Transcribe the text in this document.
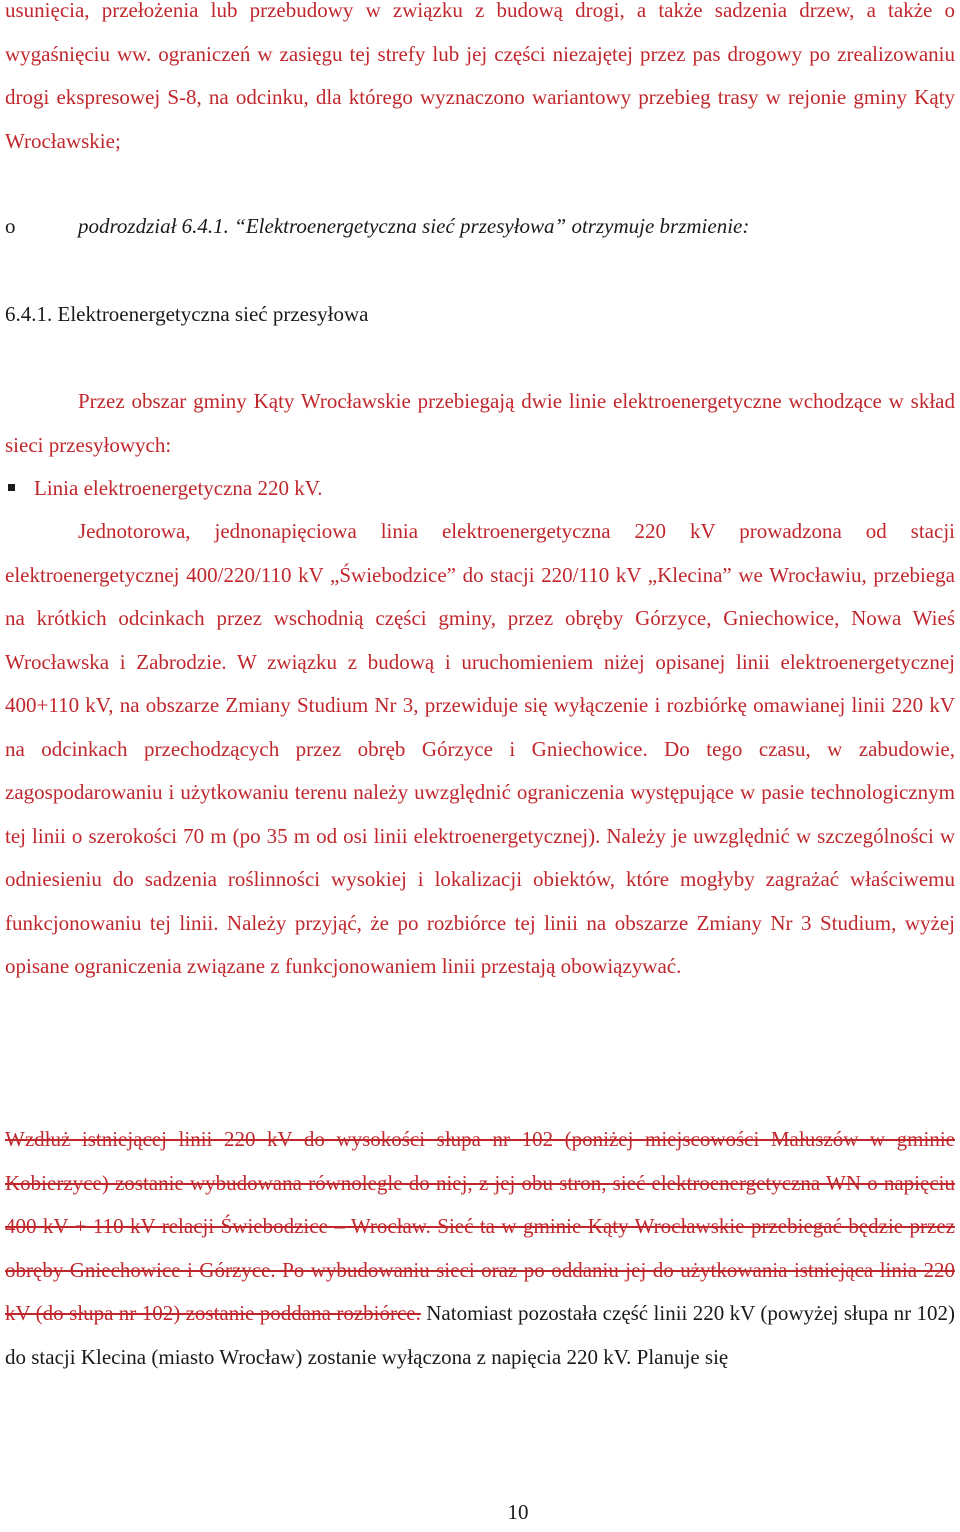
usunięcia, przełożenia lub przebudowy w związku z budową drogi, a także sadzenia drzew, a także o wygaśnięciu ww. ograniczeń w zasięgu tej strefy lub jej części niezajętej przez pas drogowy po zrealizowaniu drogi ekspresowej S-8, na odcinku, dla którego wyznaczono wariantowy przebieg trasy w rejonie gminy Kąty Wrocławskie;

o	podrozdział 6.4.1. “Elektroenergetyczna sieć przesyłowa” otrzymuje brzmienie:

6.4.1. Elektroenergetyczna sieć przesyłowa

Przez obszar gminy Kąty Wrocławskie przebiegają dwie linie elektroenergetyczne wchodzące w skład sieci przesyłowych:

Linia elektroenergetyczna 220 kV.

Jednotorowa, jednonapięciowa linia elektroenergetyczna 220 kV prowadzona od stacji elektroenergetycznej 400/220/110 kV „Świebodzice” do stacji 220/110 kV „Klecina” we Wrocławiu, przebiega na krótkich odcinkach przez wschodnią części gminy, przez obręby Górzyce, Gniechowice, Nowa Wieś Wrocławska i Zabrodzie. W związku z budową i uruchomieniem niżej opisanej linii elektroenergetycznej 400+110 kV, na obszarze Zmiany Studium Nr 3, przewiduje się wyłączenie i rozbiórkę omawianej linii 220 kV na odcinkach przechodzących przez obręb Górzyce i Gniechowice. Do tego czasu, w zabudowie, zagospodarowaniu i użytkowaniu terenu należy uwzględnić ograniczenia występujące w pasie technologicznym tej linii o szerokości 70 m (po 35 m od osi linii elektroenergetycznej). Należy je uwzględnić w szczególności w odniesieniu do sadzenia roślinności wysokiej i lokalizacji obiektów, które mogłyby zagrażać właściwemu funkcjonowaniu tej linii. Należy przyjąć, że po rozbiórce tej linii na obszarze Zmiany Nr 3 Studium, wyżej opisane ograniczenia związane z funkcjonowaniem linii przestają obowiązywać.

Wzdłuż istniejącej linii 220 kV do wysokości słupa nr 102 (poniżej miejscowości Małuszów w gminie Kobierzyce) zostanie wybudowana równolegle do niej, z jej obu stron, sieć elektroenergetyczna WN o napięciu 400 kV + 110 kV relacji Świebodzice – Wrocław. Sieć ta w gminie Kąty Wrocławskie przebiegać będzie przez obręby Gniechowice i Górzyce. Po wybudowaniu sieci oraz po oddaniu jej do użytkowania istniejąca linia 220 kV (do słupa nr 102) zostanie poddana rozbiórce. Natomiast pozostała część linii 220 kV (powyżej słupa nr 102) do stacji Klecina (miasto Wrocław) zostanie wyłączona z napięcia 220 kV. Planuje się

10
